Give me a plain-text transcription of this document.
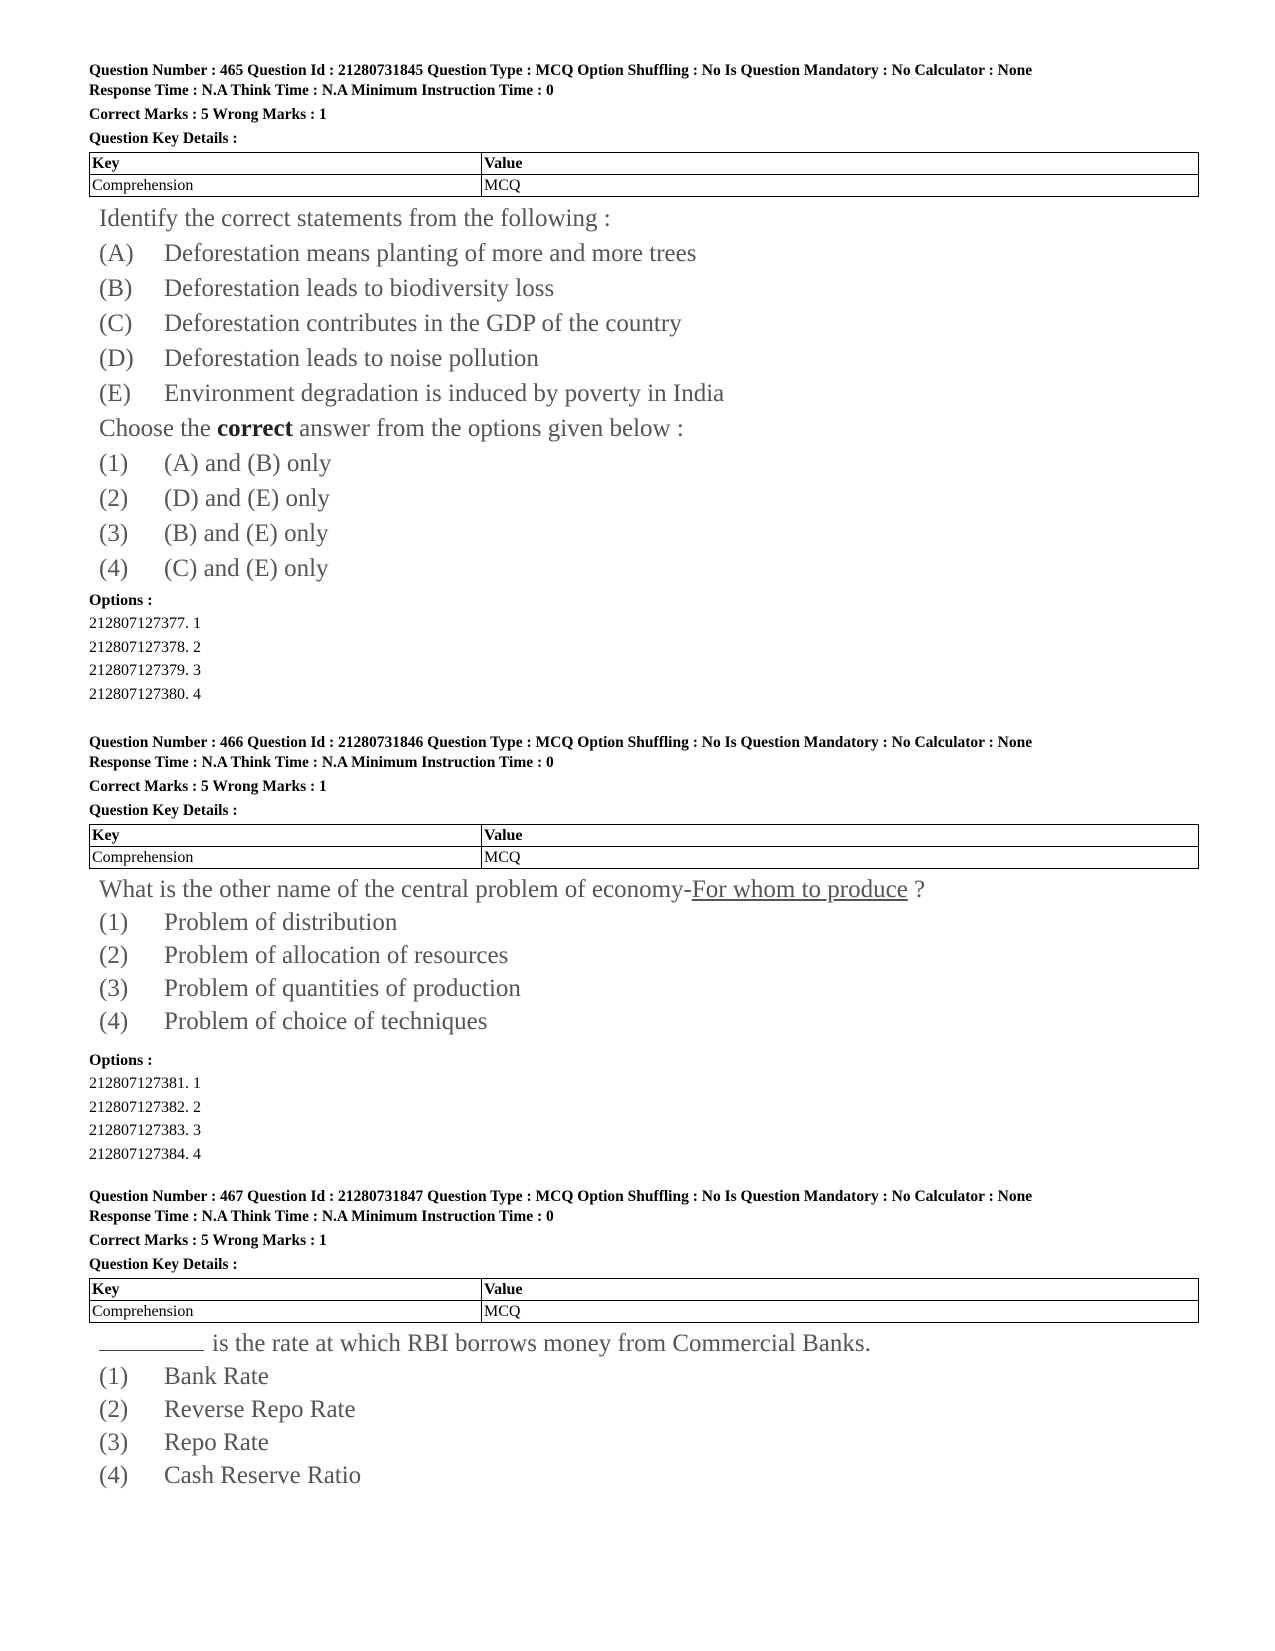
Question Number : 465 Question Id : 21280731845 Question Type : MCQ Option Shuffling : No Is Question Mandatory : No Calculator : None

Response Time : N.A Think Time : N.A Minimum Instruction Time : 0

Correct Marks : 5 Wrong Marks : 1

Question Key Details :

Key	Value
Comprehension	MCQ
Identify the correct statements from the following :
(A)	Deforestation means planting of more and more trees
(B)	Deforestation leads to biodiversity loss
(C)	Deforestation contributes in the GDP of the country
(D)	Deforestation leads to noise pollution
(E)	Environment degradation is induced by poverty in India
Choose the correct answer from the options given below :
(1)	(A) and (B) only
(2)	(D) and (E) only
(3)	(B) and (E) only
(4)	(C) and (E) only
Options :
212807127377. 1
212807127378. 2
212807127379. 3
212807127380. 4

Question Number : 466 Question Id : 21280731846 Question Type : MCQ Option Shuffling : No Is Question Mandatory : No Calculator : None

Response Time : N.A Think Time : N.A Minimum Instruction Time : 0

Correct Marks : 5 Wrong Marks : 1

Question Key Details :

Key	Value
Comprehension	MCQ
What is the other name of the central problem of economy-For whom to produce ?
(1)	Problem of distribution
(2)	Problem of allocation of resources
(3)	Problem of quantities of production
(4)	Problem of choice of techniques
Options :
212807127381. 1
212807127382. 2
212807127383. 3
212807127384. 4

Question Number : 467 Question Id : 21280731847 Question Type : MCQ Option Shuffling : No Is Question Mandatory : No Calculator : None

Response Time : N.A Think Time : N.A Minimum Instruction Time : 0

Correct Marks : 5 Wrong Marks : 1

Question Key Details :

Key	Value
Comprehension	MCQ
is the rate at which RBI borrows money from Commercial Banks.
(1)	Bank Rate
(2)	Reverse Repo Rate
(3)	Repo Rate
(4)	Cash Reserve Ratio
